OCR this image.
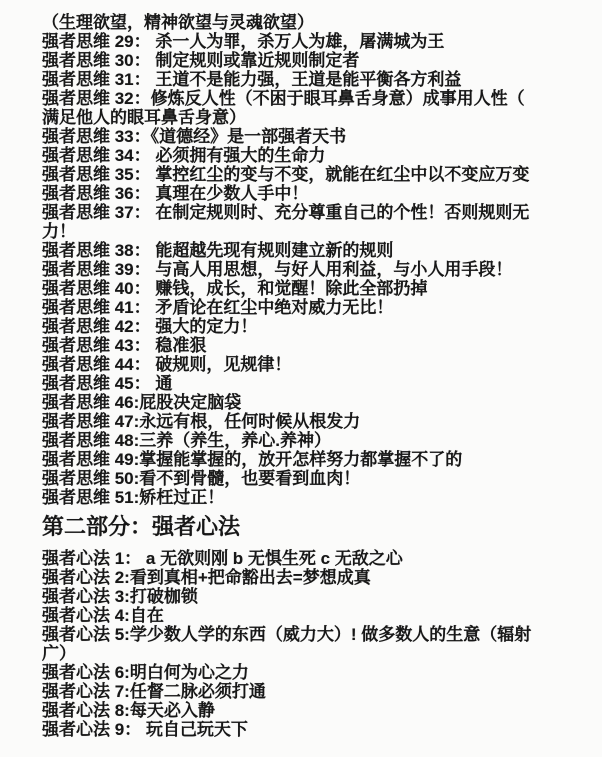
（生理欲望，精神欲望与灵魂欲望）

强者思维 29： 杀一人为罪，杀万人为雄，屠满城为王

强者思维 30： 制定规则或靠近规则制定者

强者思维 31： 王道不是能力强，王道是能平衡各方利益

强者思维 32：修炼反人性（不困于眼耳鼻舌身意）成事用人性（满足他人的眼耳鼻舌身意）

强者思维 33：《道德经》是一部强者天书

强者思维 34： 必须拥有强大的生命力

强者思维 35： 掌控红尘的变与不变，就能在红尘中以不变应万变

强者思维 36： 真理在少数人手中！

强者思维 37： 在制定规则时、充分尊重自己的个性！否则规则无力！

强者思维 38： 能超越先现有规则建立新的规则

强者思维 39： 与高人用思想，与好人用利益，与小人用手段！

强者思维 40： 赚钱，成长，和觉醒！除此全部扔掉

强者思维 41： 矛盾论在红尘中绝对威力无比！

强者思维 42： 强大的定力！

强者思维 43： 稳准狠

强者思维 44： 破规则，见规律！

强者思维 45： 通

强者思维 46:屁股决定脑袋

强者思维 47:永远有根，任何时候从根发力

强者思维 48:三养（养生，养心.养神）

强者思维 49:掌握能掌握的，放开怎样努力都掌握不了的

强者思维 50:看不到骨髓，也要看到血肉！

强者思维 51:矫枉过正！

第二部分：强者心法

强者心法 1： a 无欲则刚 b 无惧生死 c 无敌之心

强者心法 2:看到真相+把命豁出去=梦想成真

强者心法 3:打破枷锁

强者心法 4:自在

强者心法 5:学少数人学的东西（威力大）! 做多数人的生意（辐射广）

强者心法 6:明白何为心之力

强者心法 7:任督二脉必须打通

强者心法 8:每天必入静

强者心法 9： 玩自己玩天下
